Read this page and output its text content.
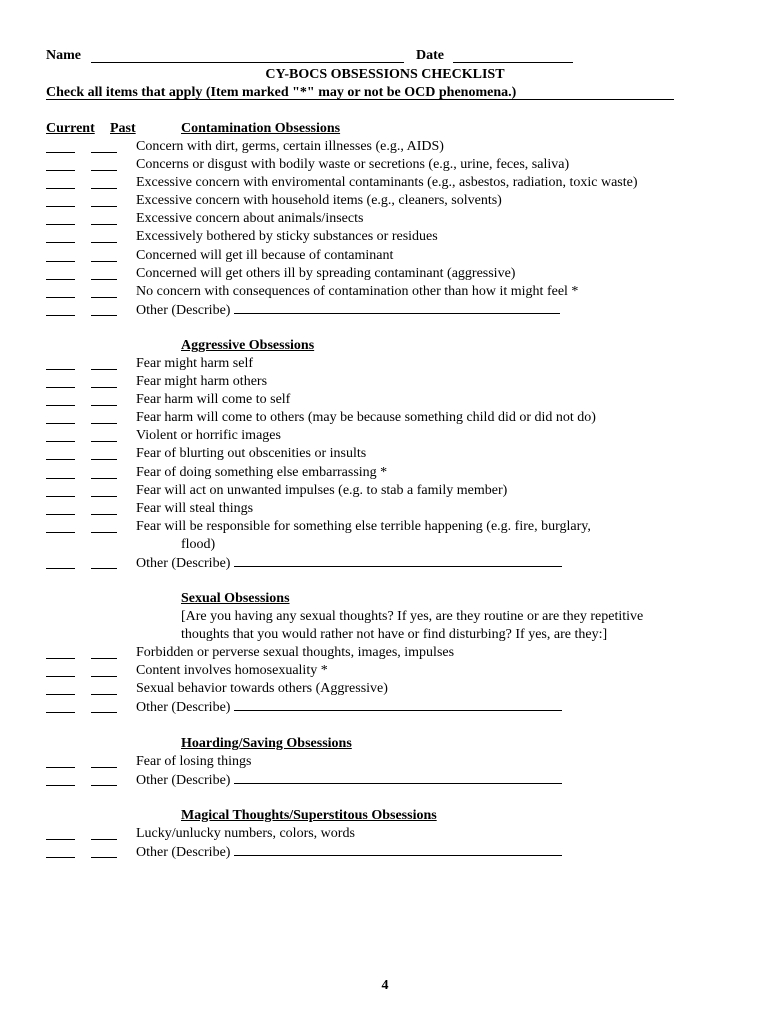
Name	Date
CY-BOCS OBSESSIONS CHECKLIST
Check all items that apply (Item marked "*" may or not be OCD phenomena.)
Current Past	Contamination Obsessions
Concern with dirt, germs, certain illnesses (e.g., AIDS)
Concerns or disgust with bodily waste or secretions (e.g., urine, feces, saliva)
Excessive concern with enviromental contaminants (e.g., asbestos, radiation, toxic waste)
Excessive concern with household items (e.g., cleaners, solvents)
Excessive concern about animals/insects
Excessively bothered by sticky substances or residues
Concerned will get ill because of contaminant
Concerned will get others ill by spreading contaminant (aggressive)
No concern with consequences of contamination other than how it might feel *
Other (Describe)
Aggressive Obsessions
Fear might harm self
Fear might harm others
Fear harm will come to self
Fear harm will come to others (may be because something child did or did not do)
Violent or horrific images
Fear of blurting out obscenities or insults
Fear of doing something else embarrassing *
Fear will act on unwanted impulses (e.g. to stab a family member)
Fear will steal things
Fear will be responsible for something else terrible happening (e.g. fire, burglary,
flood)
Other (Describe)
Sexual Obsessions
[Are you having any sexual thoughts? If yes, are they routine or are they repetitive
thoughts that you would rather not have or find disturbing? If yes, are they:]
Forbidden or perverse sexual thoughts, images, impulses
Content involves homosexuality *
Sexual behavior towards others (Aggressive)
Other (Describe)
Hoarding/Saving Obsessions
Fear of losing things
Other (Describe)
Magical Thoughts/Superstitous Obsessions
Lucky/unlucky numbers, colors, words
Other (Describe)
4
